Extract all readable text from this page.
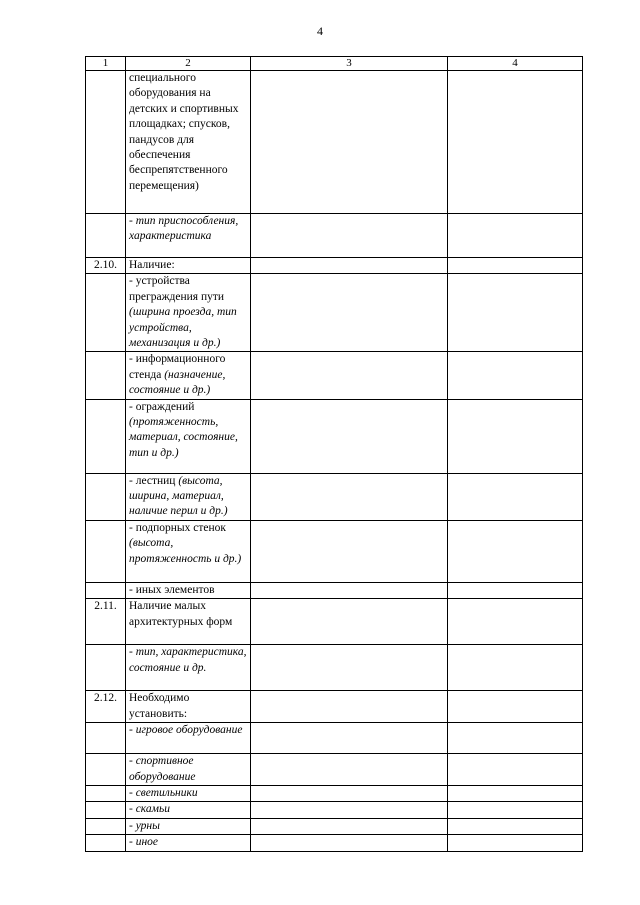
4
1	2	3	4
	специального оборудования на детских и спортивных площадках; спусков, пандусов для обеспечения беспрепятственного перемещения)		
	- тип приспособления, характеристика		
2.10.	Наличие:		
	- устройства преграждения пути (ширина проезда, тип устройства, механизация и др.)		
	- информационного стенда (назначение, состояние и др.)		
	- ограждений (протяженность, материал, состояние, тип и др.)		
	- лестниц (высота, ширина, материал, наличие перил и др.)		
	- подпорных стенок (высота, протяженность и др.)		
	- иных элементов		
2.11.	Наличие малых архитектурных форм		
	- тип, характеристика, состояние и др.		
2.12.	Необходимо установить:		
	- игровое оборудование		
	- спортивное оборудование		
	- светильники		
	- скамьи		
	- урны		
	- иное		
